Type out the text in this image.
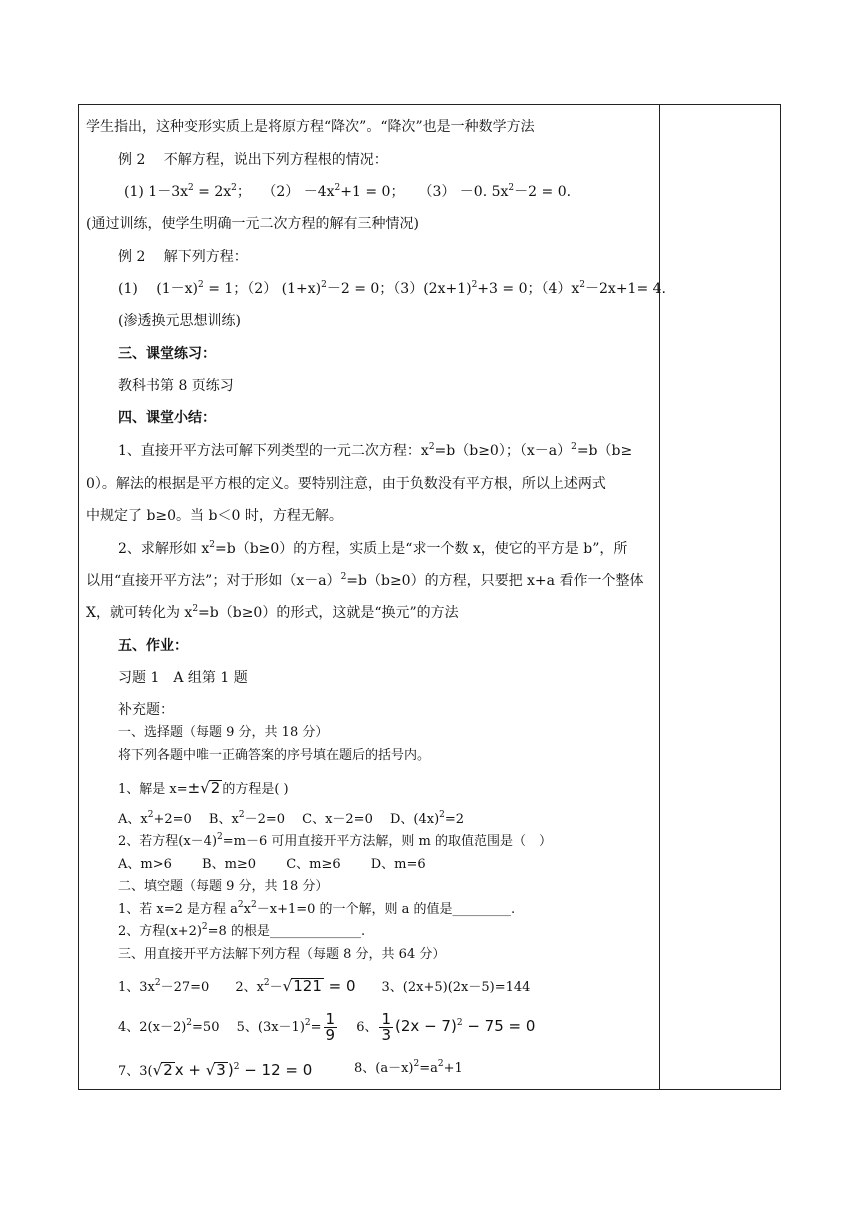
学生指出，这种变形实质上是将原方程“降次”。“降次”也是一种数学方法
例 2　 不解方程，说出下列方程根的情况：
(1) $1-3x^2 = 2x^2$；　 $(2) -4x^2+1 = 0$；　　（3） －0. $5x^2-2 = 0$.
(通过训练，使学生明确一元二次方程的解有三种情况)
例 2　 解下列方程：
(1)　 $(1-x)^2 = 1$；（2） $(1+x)^2-2 = 0$；$(3)(2x+1)^2+3 = 0$；$(4)x^2-2x+1= 4$.
(渗透换元思想训练)
三、课堂练习：
教科书第 8 页练习
四、课堂小结：
1、直接开平方法可解下列类型的一元二次方程：$x^2=b(b\ge 0)$；$(x-a)^2=b(b\ge$
0）。解法的根据是平方根的定义。要特别注意，由于负数没有平方根，所以上述两式
中规定了 b≥0。当 b＜0 时，方程无解。
2、求解形如 $x^2=b(b\ge 0)$的方程，实质上是“求一个数 x，使它的平方是 b”，所
以用“直接开平方法”；对于形如$(x-a)^2=b(b\ge 0)$的方程，只要把 x+a 看作一个整体
X，就可转化为 $x^2=b(b\ge 0)$的形式，这就是“换元”的方法
五、作业：
习题 1　A 组第 1 题
补充题：
一、选择题（每题 9 分，共 18 分）
将下列各题中唯一正确答案的序号填在题后的括号内。
1、解是 x=±√2 的方程是( )
A、$x^2+2=0$　 B、$x^2-2=0$　 C、x－2=0　 D、$(4x)^2=2$
2、若方程$(x-4)^2=m-6$ 可用直接开平方法解，则 m 的取值范围是（　）
A、m>6　　 B、m≥0　　 C、m≥6　　 D、m=6
二、填空题（每题 9 分，共 18 分）
1、若 x=2 是方程 $a^2x^2-x+1=0$ 的一个解，则 a 的值是_________.
2、方程$(x+2)^2=8$ 的根是______________.
三、用直接开平方法解下列方程（每题 8 分，共 64 分）
1、$3x^2-27=0$　　2、$x^2-√121 = 0$　　3、(2x+5)(2x－5)=144
4、$2(x-2)^2=50$　 5、$(3x-1)^2= \frac{1}{9}$ 　 6、 $\frac{1}{3} (2x - 7)^2 - 75 = 0$
7、3(√2 x + √3 )$^2$ − 12 = 0	8、$(a-x)^2=a^2+1$
